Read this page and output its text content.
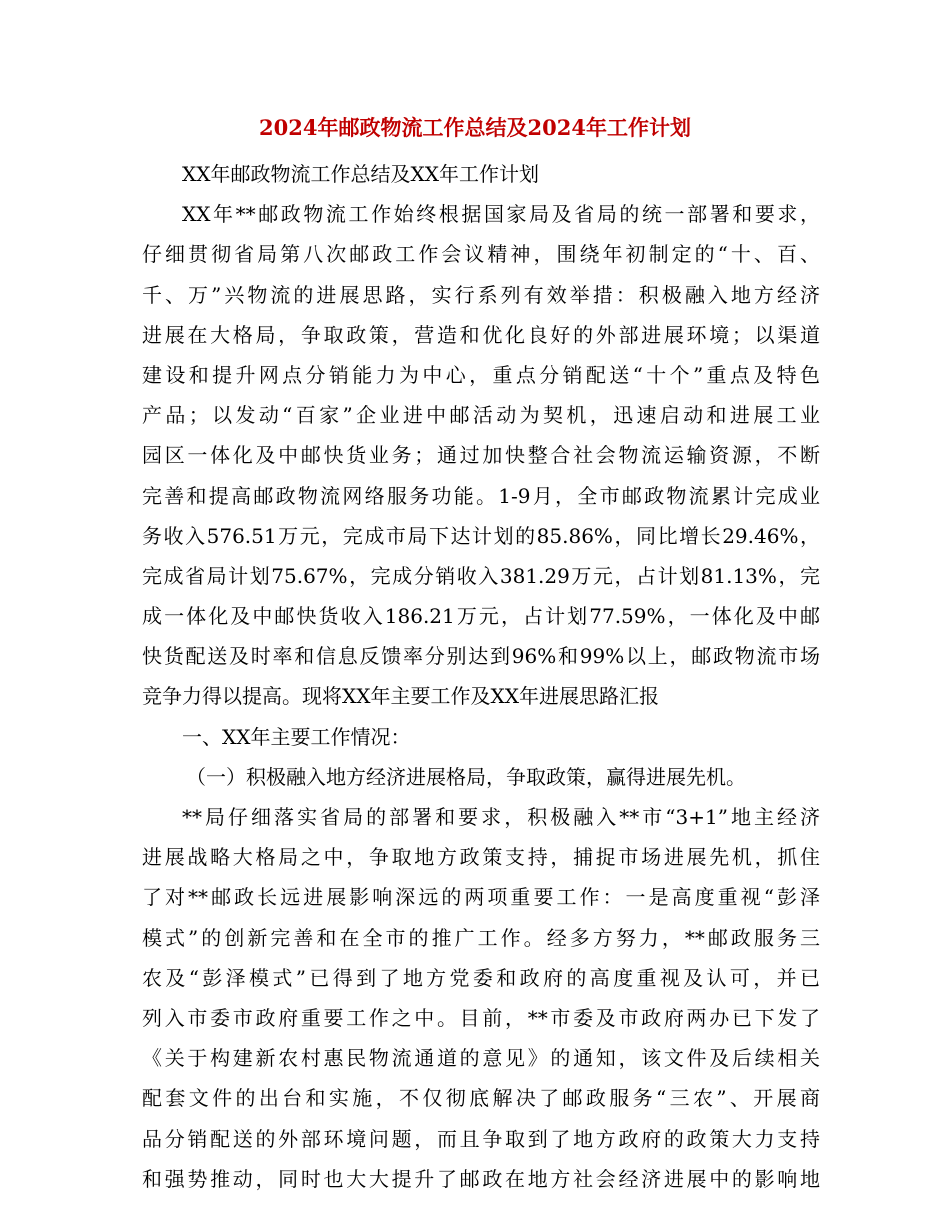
2024年邮政物流工作总结及2024年工作计划
XX年邮政物流工作总结及XX年工作计划
XX年**邮政物流工作始终根据国家局及省局的统一部署和要求，
仔细贯彻省局第八次邮政工作会议精神，围绕年初制定的“十、百、
千、万”兴物流的进展思路，实行系列有效举措：积极融入地方经济
进展在大格局，争取政策，营造和优化良好的外部进展环境；以渠道
建设和提升网点分销能力为中心，重点分销配送“十个”重点及特色
产品；以发动“百家”企业进中邮活动为契机，迅速启动和进展工业
园区一体化及中邮快货业务；通过加快整合社会物流运输资源，不断
完善和提高邮政物流网络服务功能。1-9月，全市邮政物流累计完成业
务收入576.51万元，完成市局下达计划的85.86%，同比增长29.46%，
完成省局计划75.67%，完成分销收入381.29万元，占计划81.13%，完
成一体化及中邮快货收入186.21万元，占计划77.59%，一体化及中邮
快货配送及时率和信息反馈率分别达到96%和99%以上，邮政物流市场
竞争力得以提高。现将XX年主要工作及XX年进展思路汇报
一、XX年主要工作情况：
（一）积极融入地方经济进展格局，争取政策，赢得进展先机。
**局仔细落实省局的部署和要求，积极融入**市“3+1”地主经济
进展战略大格局之中，争取地方政策支持，捕捉市场进展先机，抓住
了对**邮政长远进展影响深远的两项重要工作：一是高度重视“彭泽
模式”的创新完善和在全市的推广工作。经多方努力，**邮政服务三
农及“彭泽模式”已得到了地方党委和政府的高度重视及认可，并已
列入市委市政府重要工作之中。目前，**市委及市政府两办已下发了
《关于构建新农村惠民物流通道的意见》的通知，该文件及后续相关
配套文件的出台和实施，不仅彻底解决了邮政服务“三农”、开展商
品分销配送的外部环境问题，而且争取到了地方政府的政策大力支持
和强势推动，同时也大大提升了邮政在地方社会经济进展中的影响地
